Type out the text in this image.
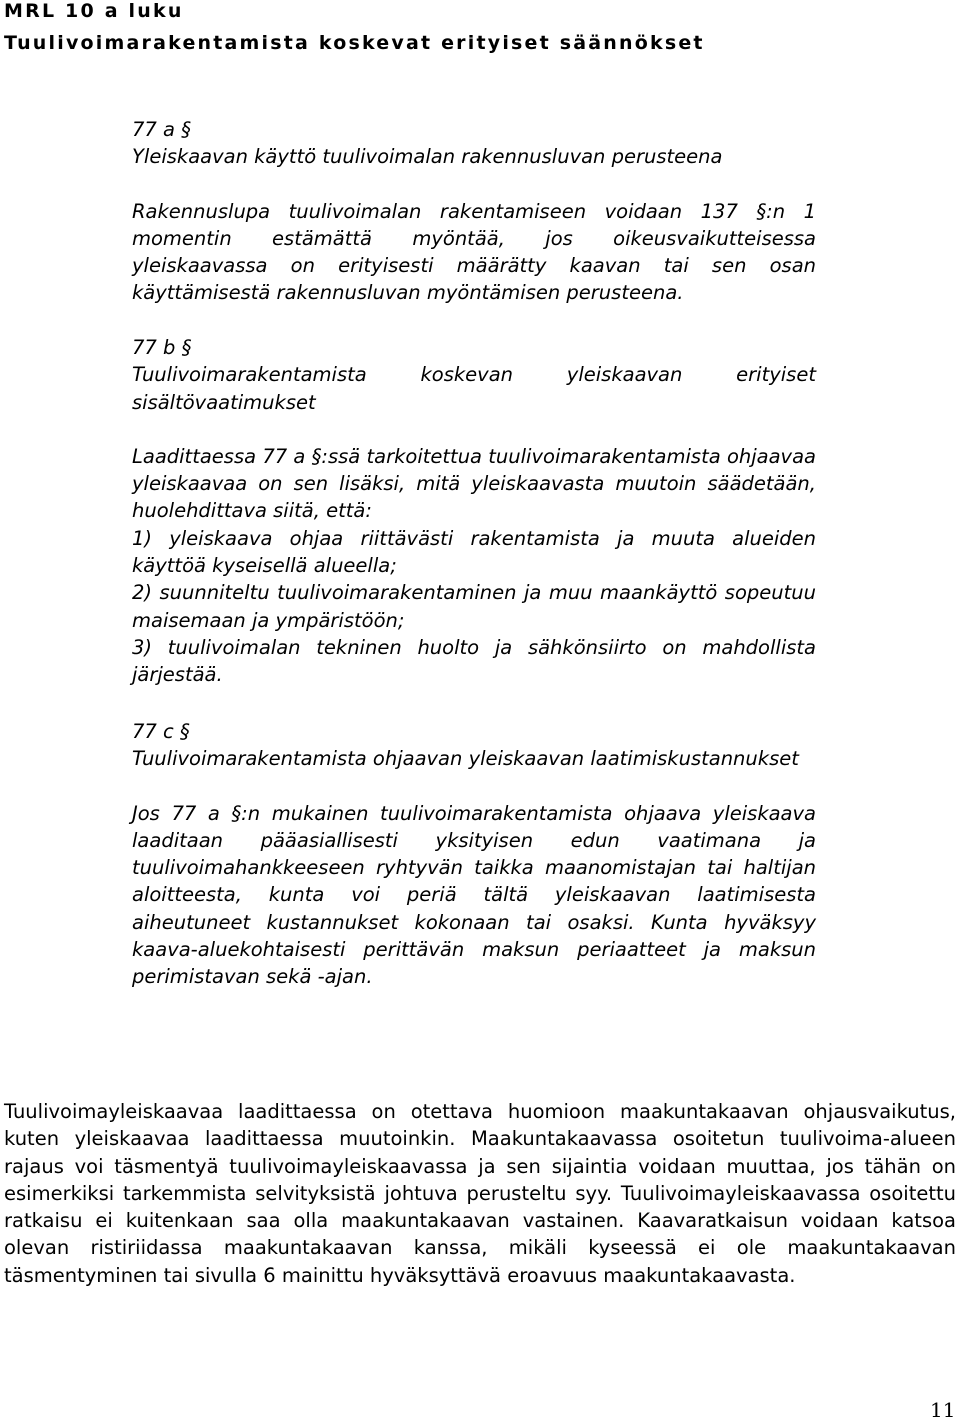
MRL 10 a luku
Tuulivoimarakentamista koskevat erityiset säännökset

77 a §

Yleiskaavan käyttö tuulivoimalan rakennusluvan perusteena

Rakennuslupa tuulivoimalan rakentamiseen voidaan 137 §:n 1 momentin estämättä myöntää, jos oikeusvaikutteisessa yleiskaavassa on erityisesti määrätty kaavan tai sen osan käyttämisestä rakennusluvan myöntämisen perusteena.

77 b §

Tuulivoimarakentamista koskevan yleiskaavan erityiset sisältövaatimukset

Laadittaessa 77 a §:ssä tarkoitettua tuulivoimarakentamista ohjaavaa yleiskaavaa on sen lisäksi, mitä yleiskaavasta muutoin säädetään, huolehdittava siitä, että:

1) yleiskaava ohjaa riittävästi rakentamista ja muuta alueiden käyttöä kyseisellä alueella;

2) suunniteltu tuulivoimarakentaminen ja muu maankäyttö sopeutuu maisemaan ja ympäristöön;

3) tuulivoimalan tekninen huolto ja sähkönsiirto on mahdollista järjestää.

77 c §

Tuulivoimarakentamista ohjaavan yleiskaavan laatimiskustannukset

Jos 77 a §:n mukainen tuulivoimarakentamista ohjaava yleiskaava laaditaan pääasiallisesti yksityisen edun vaatimana ja tuulivoimahankkeeseen ryhtyvän taikka maanomistajan tai haltijan aloitteesta, kunta voi periä tältä yleiskaavan laatimisesta aiheutuneet kustannukset kokonaan tai osaksi. Kunta hyväksyy kaava-aluekohtaisesti perittävän maksun periaatteet ja maksun perimistavan sekä -ajan.

Tuulivoimayleiskaavaa laadittaessa on otettava huomioon maakuntakaavan ohjausvaikutus, kuten yleiskaavaa laadittaessa muutoinkin. Maakuntakaavassa osoitetun tuulivoima-alueen rajaus voi täsmentyä tuulivoimayleiskaavassa ja sen sijaintia voidaan muuttaa, jos tähän on esimerkiksi tarkemmista selvityksistä johtuva perusteltu syy. Tuulivoimayleiskaavassa osoitettu ratkaisu ei kuitenkaan saa olla maakuntakaavan vastainen. Kaavaratkaisun voidaan katsoa olevan ristiriidassa maakuntakaavan kanssa, mikäli kyseessä ei ole maakuntakaavan täsmentyminen tai sivulla 6 mainittu hyväksyttävä eroavuus maakuntakaavasta.
11
